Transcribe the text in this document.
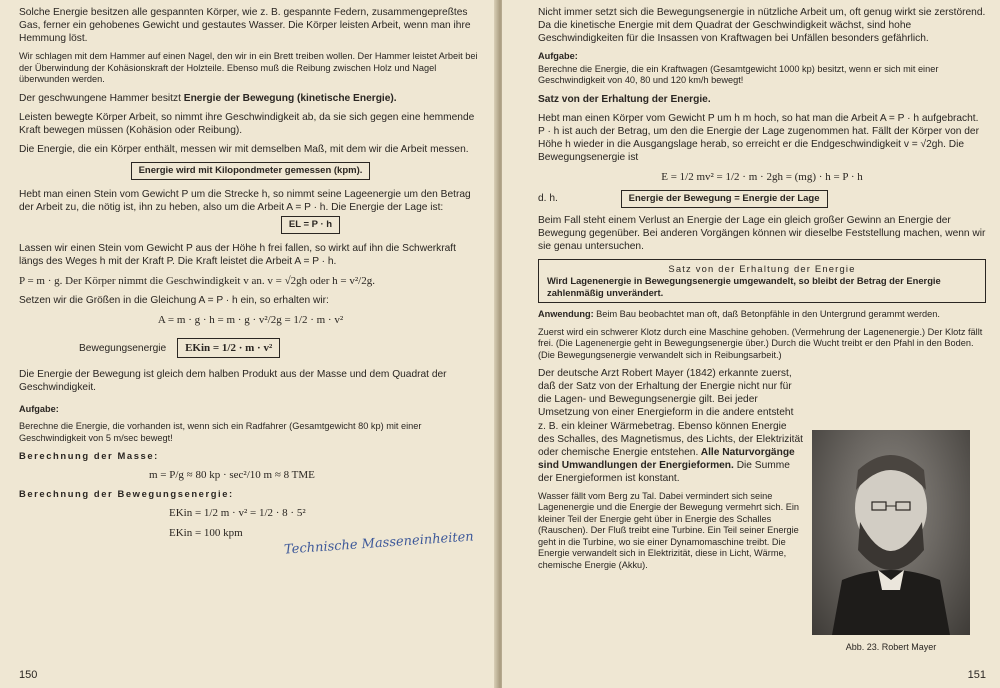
Solche Energie besitzen alle gespannten Körper, wie z. B. gespannte Federn, zusammengepreßtes Gas, ferner ein gehobenes Gewicht und gestautes Wasser. Die Körper leisten Arbeit, wenn man ihre Hemmung löst.

Wir schlagen mit dem Hammer auf einen Nagel, den wir in ein Brett treiben wollen. Der Hammer leistet Arbeit bei der Überwindung der Kohäsionskraft der Holzteile. Ebenso muß die Reibung zwischen Holz und Nagel überwunden werden.

Der geschwungene Hammer besitzt Energie der Bewegung (kinetische Energie).

Leisten bewegte Körper Arbeit, so nimmt ihre Geschwindigkeit ab, da sie sich gegen eine hemmende Kraft bewegen müssen (Kohäsion oder Reibung).

Die Energie, die ein Körper enthält, messen wir mit demselben Maß, mit dem wir die Arbeit messen.

Energie wird mit Kilopondmeter gemessen (kpm).

Hebt man einen Stein vom Gewicht P um die Strecke h, so nimmt seine Lageenergie um den Betrag der Arbeit zu, die nötig ist, ihn zu heben, also um die Arbeit A = P · h. Die Energie der Lage ist:

EL = P · h

Lassen wir einen Stein vom Gewicht P aus der Höhe h frei fallen, so wirkt auf ihn die Schwerkraft längs des Weges h mit der Kraft P. Die Kraft leistet die Arbeit A = P · h.

P = m · g. Der Körper nimmt die Geschwindigkeit v an. v = √2gh oder h = v²/2g.

Setzen wir die Größen in die Gleichung A = P · h ein, so erhalten wir:

A = m · g · h = m · g · v²/2g = 1/2 · m · v²

Bewegungsenergie EKin = 1/2 · m · v²

Die Energie der Bewegung ist gleich dem halben Produkt aus der Masse und dem Quadrat der Geschwindigkeit.

Aufgabe:

Berechne die Energie, die vorhanden ist, wenn sich ein Radfahrer (Gesamtgewicht 80 kp) mit einer Geschwindigkeit von 5 m/sec bewegt!

Berechnung der Masse:

m = P/g ≈ 80 kp · sec²/10 m ≈ 8 TME

Berechnung der Bewegungsenergie:

EKin = 1/2 m · v² = 1/2 · 8 · 5²

EKin = 100 kpm	Technische Masseneinheiten
150

Nicht immer setzt sich die Bewegungsenergie in nützliche Arbeit um, oft genug wirkt sie zerstörend. Da die kinetische Energie mit dem Quadrat der Geschwindigkeit wächst, sind hohe Geschwindigkeiten für die Insassen von Kraftwagen bei Unfällen besonders gefährlich.

Aufgabe:

Berechne die Energie, die ein Kraftwagen (Gesamtgewicht 1000 kp) besitzt, wenn er sich mit einer Geschwindigkeit von 40, 80 und 120 km/h bewegt!

Satz von der Erhaltung der Energie.

Hebt man einen Körper vom Gewicht P um h m hoch, so hat man die Arbeit A = P · h aufgebracht. P · h ist auch der Betrag, um den die Energie der Lage zugenommen hat. Fällt der Körper von der Höhe h wieder in die Ausgangslage herab, so erreicht er die Endgeschwindigkeit v = √2gh. Die Bewegungsenergie ist

E = 1/2 mv² = 1/2 · m · 2gh = (mg) · h = P · h

d. h.	Energie der Bewegung = Energie der Lage

Beim Fall steht einem Verlust an Energie der Lage ein gleich großer Gewinn an Energie der Bewegung gegenüber. Bei anderen Vorgängen können wir dieselbe Feststellung machen, wenn wir sie genau untersuchen.

Satz von der Erhaltung der Energie
Wird Lagenenergie in Bewegungsenergie umgewandelt, so bleibt der Betrag der Energie zahlenmäßig unverändert.

Anwendung: Beim Bau beobachtet man oft, daß Betonpfähle in den Untergrund gerammt werden.

Zuerst wird ein schwerer Klotz durch eine Maschine gehoben. (Vermehrung der Lagenenergie.) Der Klotz fällt frei. (Die Lagenenergie geht in Bewegungsenergie über.) Durch die Wucht treibt er den Pfahl in den Boden. (Die Bewegungsenergie verwandelt sich in Reibungsarbeit.)

Der deutsche Arzt Robert Mayer (1842) erkannte zuerst, daß der Satz von der Erhaltung der Energie nicht nur für die Lagen- und Bewegungsenergie gilt. Bei jeder Umsetzung von einer Energieform in die andere entsteht z. B. ein kleiner Wärmebetrag. Ebenso können Energie des Schalles, des Magnetismus, des Lichts, der Elektrizität oder chemische Energie entstehen. Alle Naturvorgänge sind Umwandlungen der Energieformen. Die Summe der Energieformen ist konstant.

Wasser fällt vom Berg zu Tal. Dabei vermindert sich seine Lagenenergie und die Energie der Bewegung vermehrt sich. Ein kleiner Teil der Energie geht über in Energie des Schalles (Rauschen). Der Fluß treibt eine Turbine. Ein Teil seiner Energie geht in die Turbine, wo sie einer Dynamomaschine treibt. Die Energie verwandelt sich in Elektrizität, diese in Licht, Wärme, chemische Energie (Akku).

Abb. 23. Robert Mayer
151
